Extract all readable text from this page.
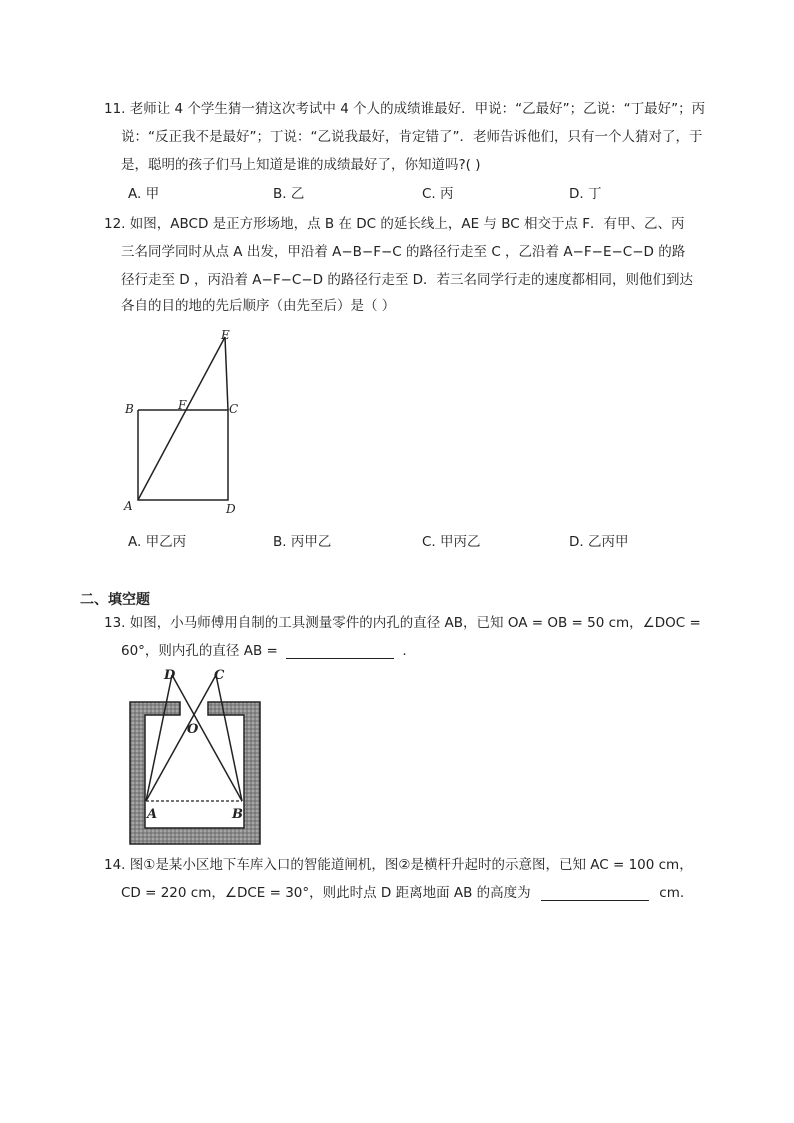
11. 老师让 4 个学生猜一猜这次考试中 4 个人的成绩谁最好．甲说：“乙最好”；乙说：“丁最好”；丙
说：“反正我不是最好”；丁说：“乙说我最好，肯定错了”．老师告诉他们，只有一个人猜对了，于
是，聪明的孩子们马上知道是谁的成绩最好了，你知道吗?( )
A. 甲	B. 乙	C. 丙	D. 丁
12. 如图，ABCD 是正方形场地，点 B 在 DC 的延长线上，AE 与 BC 相交于点 F．有甲、乙、丙
三名同学同时从点 A 出发，甲沿着 A−B−F−C 的路径行走至 C ，乙沿着 A−F−E−C−D 的路
径行走至 D ，丙沿着 A−F−C−D 的路径行走至 D．若三名同学行走的速度都相同，则他们到达
各自的目的地的先后顺序（由先至后）是（ ）
E
B	F	C
A	D
A. 甲乙丙	B. 丙甲乙	C. 甲丙乙	D. 乙丙甲
二、填空题
13. 如图，小马师傅用自制的工具测量零件的内孔的直径 AB，已知 OA = OB = 50 cm，∠DOC =
60°，则内孔的直径 AB =	.
D	C
O
A	B
14. 图①是某小区地下车库入口的智能道闸机，图②是横杆升起时的示意图，已知 AC = 100 cm，
CD = 220 cm，∠DCE = 30°，则此时点 D 距离地面 AB 的高度为	cm.
